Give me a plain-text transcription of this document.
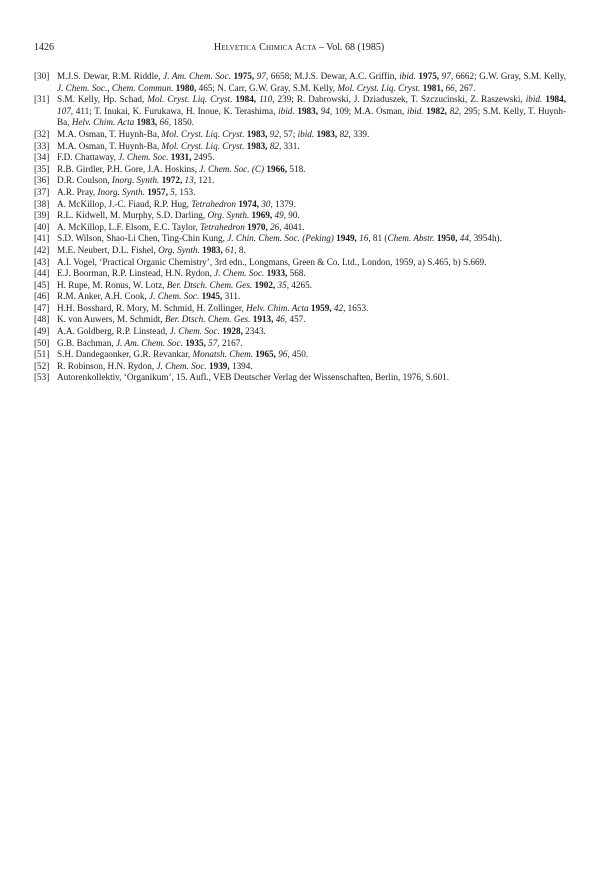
1426	Helvetica Chimica Acta – Vol. 68 (1985)
[30] M.J.S. Dewar, R.M. Riddle, J. Am. Chem. Soc. 1975, 97, 6658; M.J.S. Dewar, A.C. Griffin, ibid. 1975, 97, 6662; G.W. Gray, S.M. Kelly, J. Chem. Soc., Chem. Commun. 1980, 465; N. Carr, G.W. Gray, S.M. Kelly, Mol. Cryst. Liq. Cryst. 1981, 66, 267.
[31] S.M. Kelly, Hp. Schad, Mol. Cryst. Liq. Cryst. 1984, 110, 239; R. Dabrowski, J. Dziaduszek, T. Szczucinski, Z. Raszewski, ibid. 1984, 107, 411; T. Inukai, K. Furukawa, H. Inoue, K. Terashima, ibid. 1983, 94, 109; M.A. Osman, ibid. 1982, 82, 295; S.M. Kelly, T. Huynh-Ba, Helv. Chim. Acta 1983, 66, 1850.
[32] M.A. Osman, T. Huynh-Ba, Mol. Cryst. Liq. Cryst. 1983, 92, 57; ibid. 1983, 82, 339.
[33] M.A. Osman, T. Huynh-Ba, Mol. Cryst. Liq. Cryst. 1983, 82, 331.
[34] F.D. Chattaway, J. Chem. Soc. 1931, 2495.
[35] R.B. Girdler, P.H. Gore, J.A. Hoskins, J. Chem. Soc. (C) 1966, 518.
[36] D.R. Coulson, Inorg. Synth. 1972, 13, 121.
[37] A.R. Pray, Inorg. Synth. 1957, 5, 153.
[38] A. McKillop, J.-C. Fiaud, R.P. Hug, Tetrahedron 1974, 30, 1379.
[39] R.L. Kidwell, M. Murphy, S.D. Darling, Org. Synth. 1969, 49, 90.
[40] A. McKillop, L.F. Elsom, E.C. Taylor, Tetrahedron 1970, 26, 4041.
[41] S.D. Wilson, Shao-Li Chen, Ting-Chin Kung, J. Chin. Chem. Soc. (Peking) 1949, 16, 81 (Chem. Abstr. 1950, 44, 3954h).
[42] M.E. Neubert, D.L. Fishel, Org. Synth. 1983, 61, 8.
[43] A.I. Vogel, ‘Practical Organic Chemistry’, 3rd edn., Longmans, Green & Co. Ltd., London, 1959, a) S.465, b) S.669.
[44] E.J. Boorman, R.P. Linstead, H.N. Rydon, J. Chem. Soc. 1933, 568.
[45] H. Rupe, M. Ronus, W. Lotz, Ber. Dtsch. Chem. Ges. 1902, 35, 4265.
[46] R.M. Anker, A.H. Cook, J. Chem. Soc. 1945, 311.
[47] H.H. Bosshard, R. Mory, M. Schmid, H. Zollinger, Helv. Chim. Acta 1959, 42, 1653.
[48] K. von Auwers, M. Schmidt, Ber. Dtsch. Chem. Ges. 1913, 46, 457.
[49] A.A. Goldberg, R.P. Linstead, J. Chem. Soc. 1928, 2343.
[50] G.B. Bachman, J. Am. Chem. Soc. 1935, 57, 2167.
[51] S.H. Dandegaonker, G.R. Revankar, Monatsh. Chem. 1965, 96, 450.
[52] R. Robinson, H.N. Rydon, J. Chem. Soc. 1939, 1394.
[53] Autorenkollektiv, ‘Organikum’, 15. Aufl., VEB Deutscher Verlag der Wissenschaften, Berlin, 1976, S.601.
